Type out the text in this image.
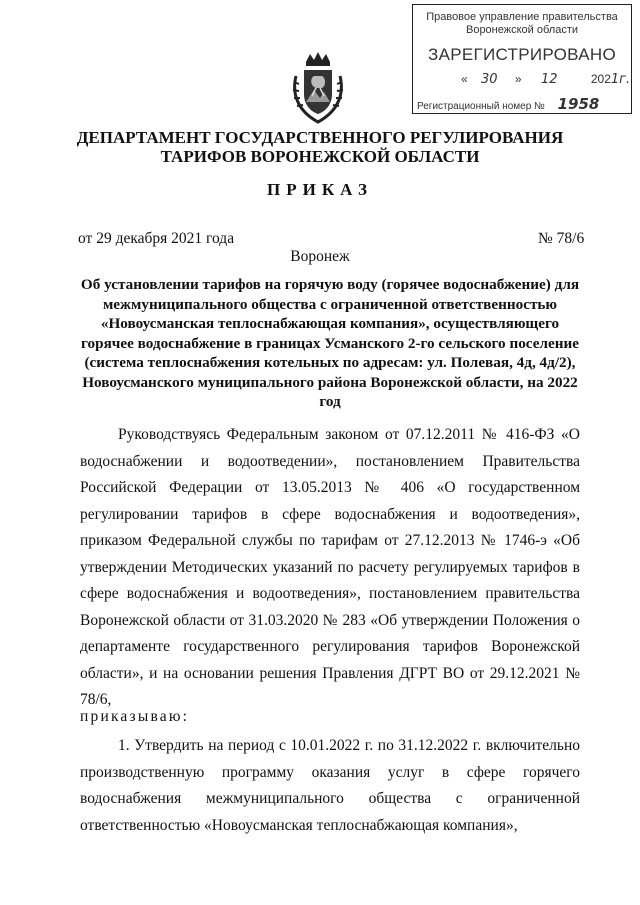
Правовое управление правительства
Воронежской области
ЗАРЕГИСТРИРОВАНО
« 30 » 12	2021г.
Регистрационный номер № 1958
ДЕПАРТАМЕНТ ГОСУДАРСТВЕННОГО РЕГУЛИРОВАНИЯ
ТАРИФОВ ВОРОНЕЖСКОЙ ОБЛАСТИ
ПРИКАЗ
от 29 декабря 2021 года	№ 78/6
Воронеж
Об установлении тарифов на горячую воду (горячее водоснабжение) для межмуниципального общества с ограниченной ответственностью «Новоусманская теплоснабжающая компания», осуществляющего горячее водоснабжение в границах Усманского 2-го сельского поселение (система теплоснабжения котельных по адресам: ул. Полевая, 4д, 4д/2), Новоусманского муниципального района Воронежской области, на 2022 год
Руководствуясь Федеральным законом от 07.12.2011 № 416-ФЗ «О водоснабжении и водоотведении», постановлением Правительства Российской Федерации от 13.05.2013 № 406 «О государственном регулировании тарифов в сфере водоснабжения и водоотведения», приказом Федеральной службы по тарифам от 27.12.2013 № 1746-э «Об утверждении Методических указаний по расчету регулируемых тарифов в сфере водоснабжения и водоотведения», постановлением правительства Воронежской области от 31.03.2020 № 283 «Об утверждении Положения о департаменте государственного регулирования тарифов Воронежской области», и на основании решения Правления ДГРТ ВО от 29.12.2021 № 78/6,
приказываю:
1. Утвердить на период с 10.01.2022 г. по 31.12.2022 г. включительно производственную программу оказания услуг в сфере горячего водоснабжения межмуниципального общества с ограниченной ответственностью «Новоусманская теплоснабжающая компания»,
